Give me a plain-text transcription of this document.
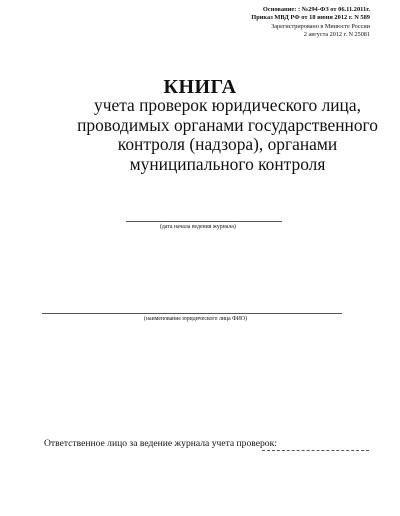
Основание: : №294-ФЗ от 06.11.2011г.
Приказ МВД РФ от 18 июня 2012 г. N 589
Зарегистрировано в Минюсте России
2 августа 2012 г. N 25081
КНИГА
учета проверок юридического лица,
проводимых органами государственного
контроля (надзора), органами
муниципального контроля
(дата начала ведения журнала)
(наименование юридического лица ФИО)
Ответственное лицо за ведение журнала учета проверок:
